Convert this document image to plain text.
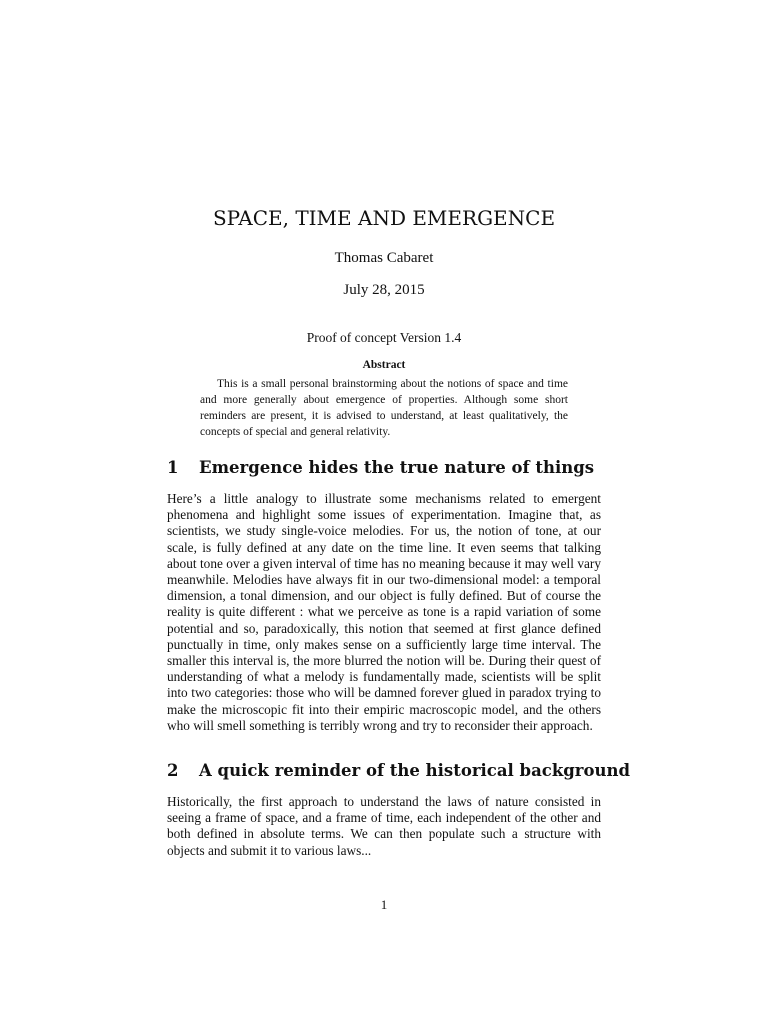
SPACE, TIME AND EMERGENCE
Thomas Cabaret
July 28, 2015
Proof of concept Version 1.4
Abstract

This is a small personal brainstorming about the notions of space and time and more generally about emergence of properties. Although some short reminders are present, it is advised to understand, at least qualitatively, the concepts of special and general relativity.

1 Emergence hides the true nature of things

Here’s a little analogy to illustrate some mechanisms related to emergent phenomena and highlight some issues of experimentation. Imagine that, as scientists, we study single-voice melodies. For us, the notion of tone, at our scale, is fully defined at any date on the time line. It even seems that talking about tone over a given interval of time has no meaning because it may well vary meanwhile. Melodies have always fit in our two-dimensional model: a temporal dimension, a tonal dimension, and our object is fully defined. But of course the reality is quite different : what we perceive as tone is a rapid variation of some potential and so, paradoxically, this notion that seemed at first glance defined punctually in time, only makes sense on a sufficiently large time interval. The smaller this interval is, the more blurred the notion will be. During their quest of understanding of what a melody is fundamentally made, scientists will be split into two categories: those who will be damned forever glued in paradox trying to make the microscopic fit into their empiric macroscopic model, and the others who will smell something is terribly wrong and try to reconsider their approach.

2 A quick reminder of the historical background

Historically, the first approach to understand the laws of nature consisted in seeing a frame of space, and a frame of time, each independent of the other and both defined in absolute terms. We can then populate such a structure with objects and submit it to various laws...

1
